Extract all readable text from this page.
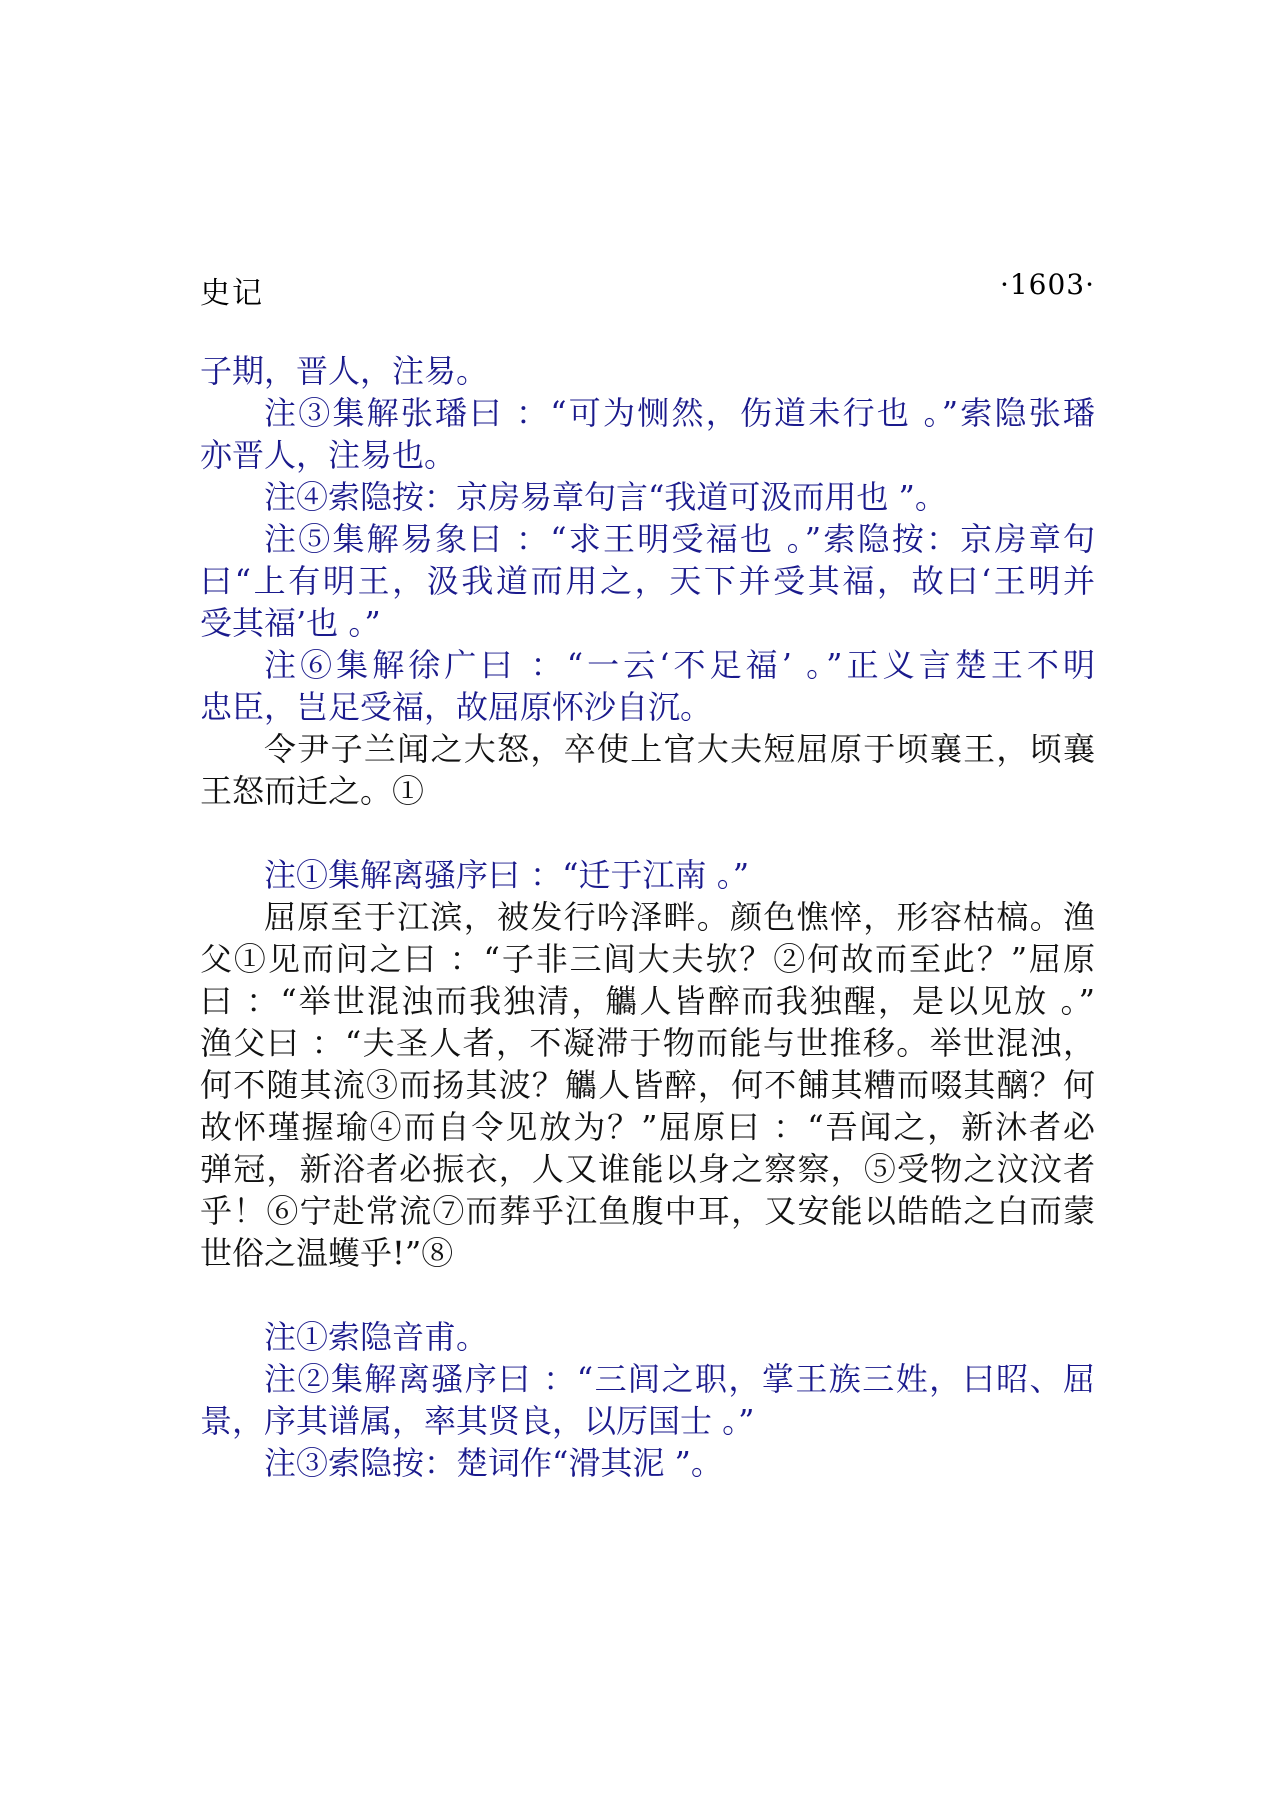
史记	·1603·
子期，晋人，注易。
注③集解张璠曰 ：“可为恻然，伤道未行也 。”索隐张璠
亦晋人，注易也。
注④索隐按：京房易章句言“我道可汲而用也 ”。
注⑤集解易象曰 ：“求王明受福也 。”索隐按：京房章句
曰“上有明王，汲我道而用之，天下并受其福，故曰‘王明并
受其福’也 。”
注⑥集解徐广曰 ：“一云‘不足福’ 。”正义言楚王不明
忠臣，岂足受福，故屈原怀沙自沉。
令尹子兰闻之大怒，卒使上官大夫短屈原于顷襄王，顷襄
王怒而迁之。①
注①集解离骚序曰 ：“迁于江南 。”
屈原至于江滨，被发行吟泽畔。颜色憔悴，形容枯槁。渔
父①见而问之曰 ：“子非三闾大夫欤？②何故而至此？”屈原
曰 ：“举世混浊而我独清，觿人皆醉而我独醒，是以见放 。”
渔父曰 ：“夫圣人者，不凝滞于物而能与世推移。举世混浊，
何不随其流③而扬其波？觿人皆醉，何不餔其糟而啜其醨？何
故怀瑾握瑜④而自令见放为？”屈原曰 ：“吾闻之，新沐者必
弹冠，新浴者必振衣，人又谁能以身之察察，⑤受物之汶汶者
乎！⑥宁赴常流⑦而葬乎江鱼腹中耳，又安能以皓皓之白而蒙
世俗之温蠖乎!”⑧
注①索隐音甫。
注②集解离骚序曰 ：“三闾之职，掌王族三姓，曰昭、屈
景，序其谱属，率其贤良，以厉国士 。”
注③索隐按：楚词作“滑其泥 ”。
